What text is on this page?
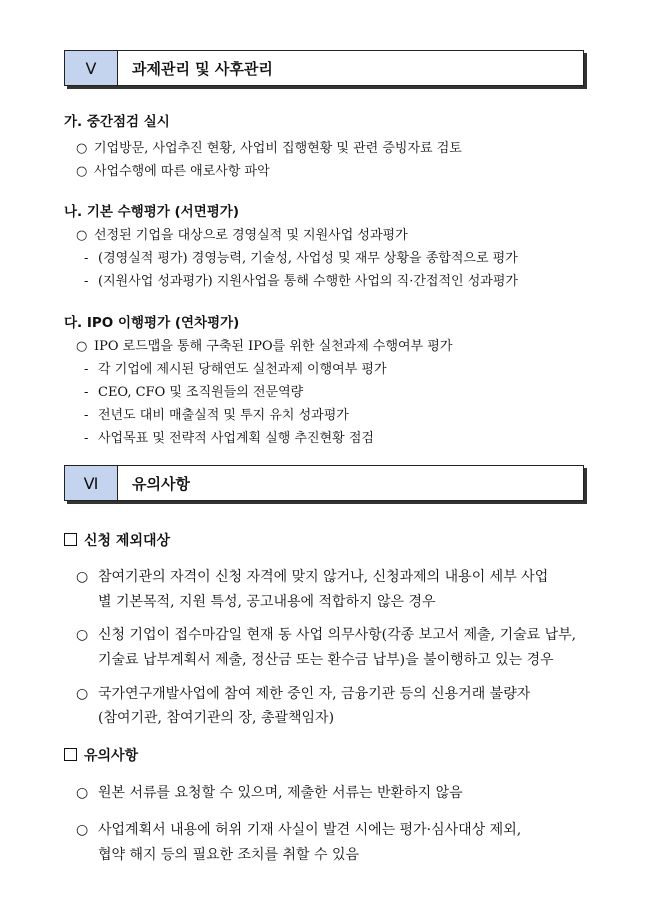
Ⅴ	과제관리 및 사후관리
가. 중간점검 실시
○ 기업방문, 사업추진 현황, 사업비 집행현황 및 관련 증빙자료 검토
○ 사업수행에 따른 애로사항 파악
나. 기본 수행평가 (서면평가)
○ 선정된 기업을 대상으로 경영실적 및 지원사업 성과평가
- (경영실적 평가) 경영능력, 기술성, 사업성 및 재무 상황을 종합적으로 평가
- (지원사업 성과평가) 지원사업을 통해 수행한 사업의 직·간접적인 성과평가
다. IPO 이행평가 (연차평가)
○ IPO 로드맵을 통해 구축된 IPO를 위한 실천과제 수행여부 평가
- 각 기업에 제시된 당해연도 실천과제 이행여부 평가
- CEO, CFO 및 조직원들의 전문역량
- 전년도 대비 매출실적 및 투지 유치 성과평가
- 사업목표 및 전략적 사업계획 실행 추진현황 점검
Ⅵ	유의사항
신청 제외대상
○ 참여기관의 자격이 신청 자격에 맞지 않거나, 신청과제의 내용이 세부 사업
별 기본목적, 지원 특성, 공고내용에 적합하지 않은 경우
○ 신청 기업이 접수마감일 현재 동 사업 의무사항(각종 보고서 제출, 기술료 납부,
기술료 납부계획서 제출, 정산금 또는 환수금 납부)을 불이행하고 있는 경우
○ 국가연구개발사업에 참여 제한 중인 자, 금융기관 등의 신용거래 불량자
(참여기관, 참여기관의 장, 총괄책임자)
유의사항
○ 원본 서류를 요청할 수 있으며, 제출한 서류는 반환하지 않음
○ 사업계획서 내용에 허위 기재 사실이 발견 시에는 평가·심사대상 제외,
협약 해지 등의 필요한 조치를 취할 수 있음
